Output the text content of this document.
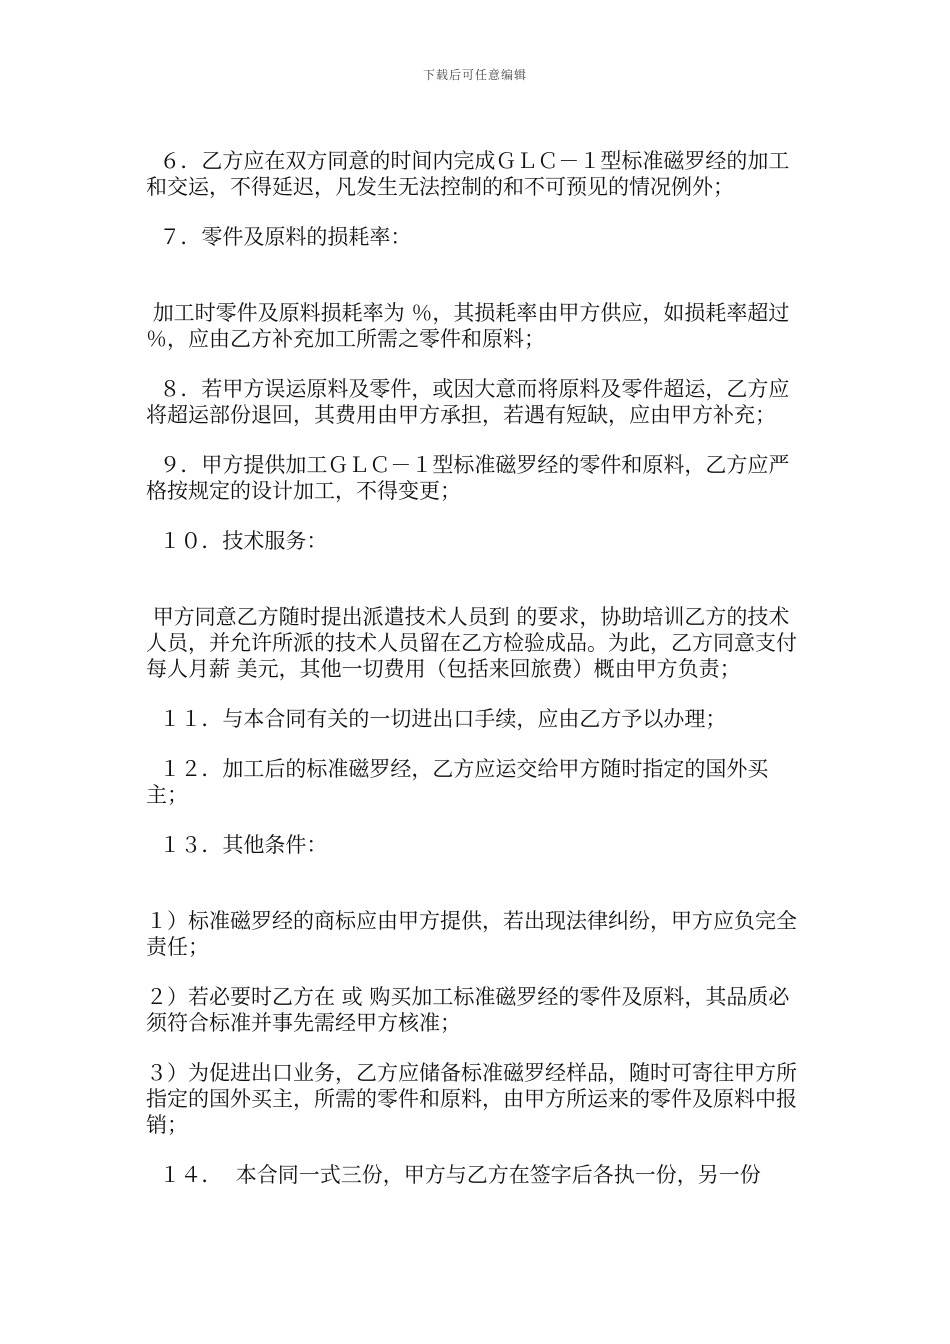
下载后可任意编辑

６．乙方应在双方同意的时间内完成ＧＬＣ－１型标准磁罗经的加工和交运，不得延迟，凡发生无法控制的和不可预见的情况例外；

７．零件及原料的损耗率：

加工时零件及原料损耗率为 ％，其损耗率由甲方供应，如损耗率超过 ％，应由乙方补充加工所需之零件和原料；

８．若甲方误运原料及零件，或因大意而将原料及零件超运，乙方应将超运部份退回，其费用由甲方承担，若遇有短缺，应由甲方补充；

９．甲方提供加工ＧＬＣ－１型标准磁罗经的零件和原料，乙方应严格按规定的设计加工，不得变更；

１０．技术服务：

甲方同意乙方随时提出派遣技术人员到 的要求，协助培训乙方的技术人员，并允许所派的技术人员留在乙方检验成品。为此，乙方同意支付每人月薪 美元，其他一切费用（包括来回旅费）概由甲方负责；

１１．与本合同有关的一切进出口手续，应由乙方予以办理；

１２．加工后的标准磁罗经，乙方应运交给甲方随时指定的国外买主；

１３．其他条件：

１）标准磁罗经的商标应由甲方提供，若出现法律纠纷，甲方应负完全责任；

２）若必要时乙方在 或 购买加工标准磁罗经的零件及原料，其品质必须符合标准并事先需经甲方核准；

３）为促进出口业务，乙方应储备标准磁罗经样品，随时可寄往甲方所指定的国外买主，所需的零件和原料，由甲方所运来的零件及原料中报销；

１４．  本合同一式三份，甲方与乙方在签字后各执一份，另一份
